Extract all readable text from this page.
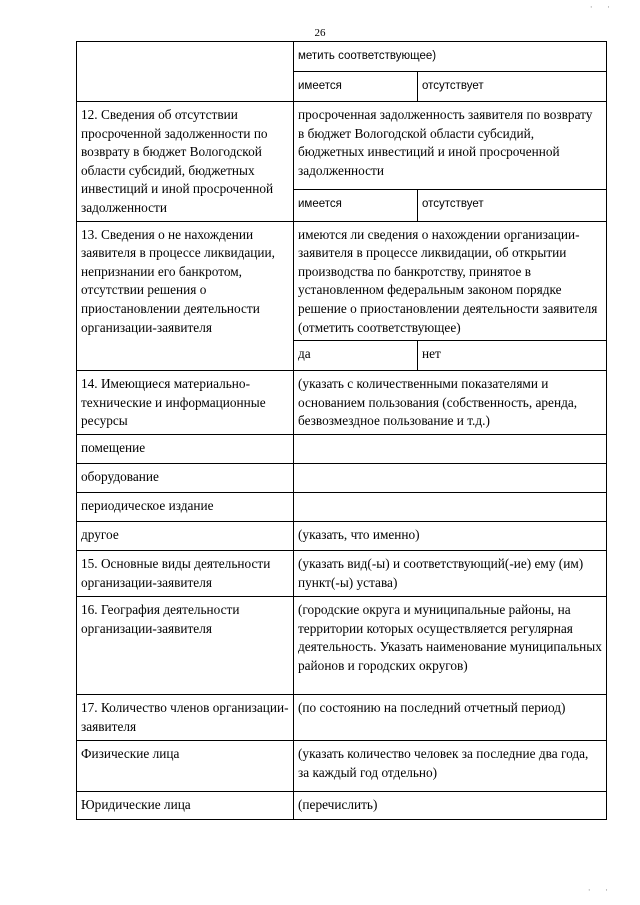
26
· ·
	метить соответствующее)	
	имеется	отсутствует
12. Сведения об отсутствии просроченной задолженности по возврату в бюджет Вологодской области субсидий, бюджетных инвестиций и иной просроченной задолженности	просроченная задолженность заявителя по возврату в бюджет Вологодской области субсидий, бюджетных инвестиций и иной просроченной задолженности	
	имеется	отсутствует
13. Сведения о не нахождении заявителя в процессе ликвидации, непризнании его банкротом, отсутствии решения о приостановлении деятельности организации-заявителя	имеются ли сведения о нахождении организации-заявителя в процессе ликвидации, об открытии производства по банкротству, принятое в установленном федеральным законом порядке решение о приостановлении деятельности заявителя (отметить соответствующее)	
	да	нет
14. Имеющиеся материально-технические и информационные ресурсы	(указать с количественными показателями и основанием пользования (собственность, аренда, безвозмездное пользование и т.д.)	
помещение		
оборудование		
периодическое издание		
другое	(указать, что именно)	
15. Основные виды деятельности организации-заявителя	(указать вид(-ы) и соответствующий(-ие) ему (им) пункт(-ы) устава)	
16. География деятельности организации-заявителя	(городские округа и муниципальные районы, на территории которых осуществляется регулярная деятельность. Указать наименование муниципальных районов и городских округов)	
17. Количество членов организации-заявителя	(по состоянию на последний отчетный период)	
Физические лица	(указать количество человек за последние два года, за каждый год отдельно)	
Юридические лица	(перечислить)	
· ·
